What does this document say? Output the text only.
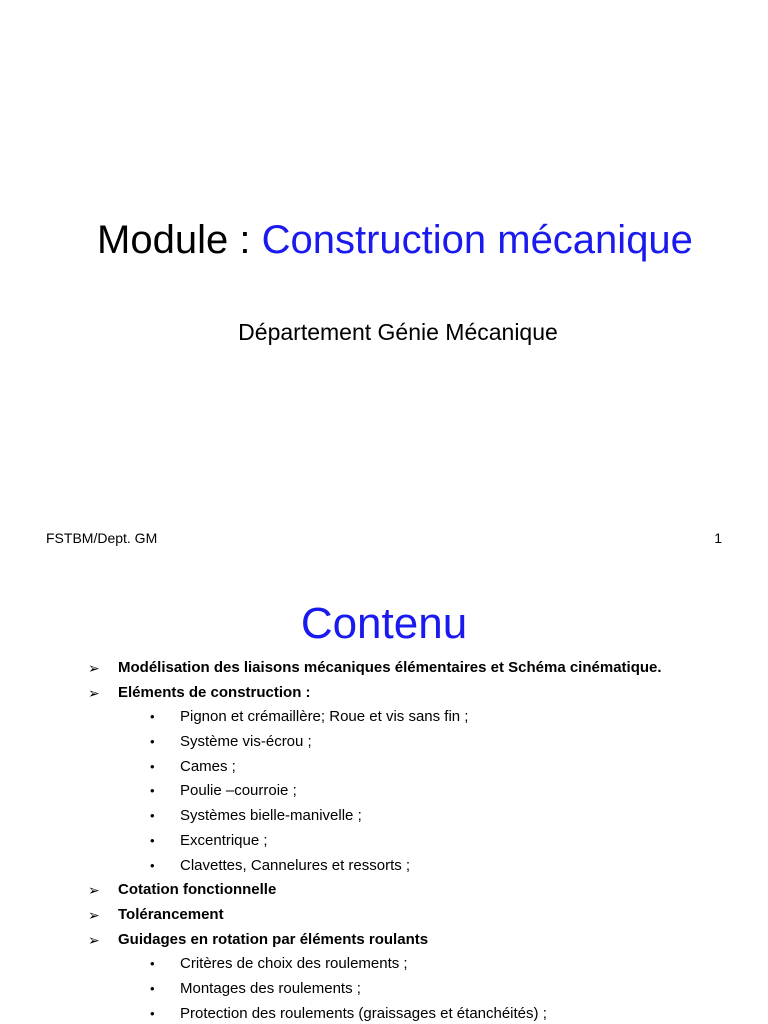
Module : Construction mécanique
Département Génie Mécanique
FSTBM/Dept. GM	1
Contenu
➢ Modélisation des liaisons mécaniques élémentaires et Schéma cinématique.
➢ Eléments de construction :
• Pignon et crémaillère; Roue et vis sans fin ;
• Système vis-écrou ;
• Cames ;
• Poulie –courroie ;
• Systèmes bielle-manivelle ;
• Excentrique ;
• Clavettes, Cannelures et ressorts ;
➢ Cotation fonctionnelle
➢ Tolérancement
➢ Guidages en rotation par éléments roulants
• Critères de choix des roulements ;
• Montages des roulements ;
• Protection des roulements (graissages et étanchéités) ;
